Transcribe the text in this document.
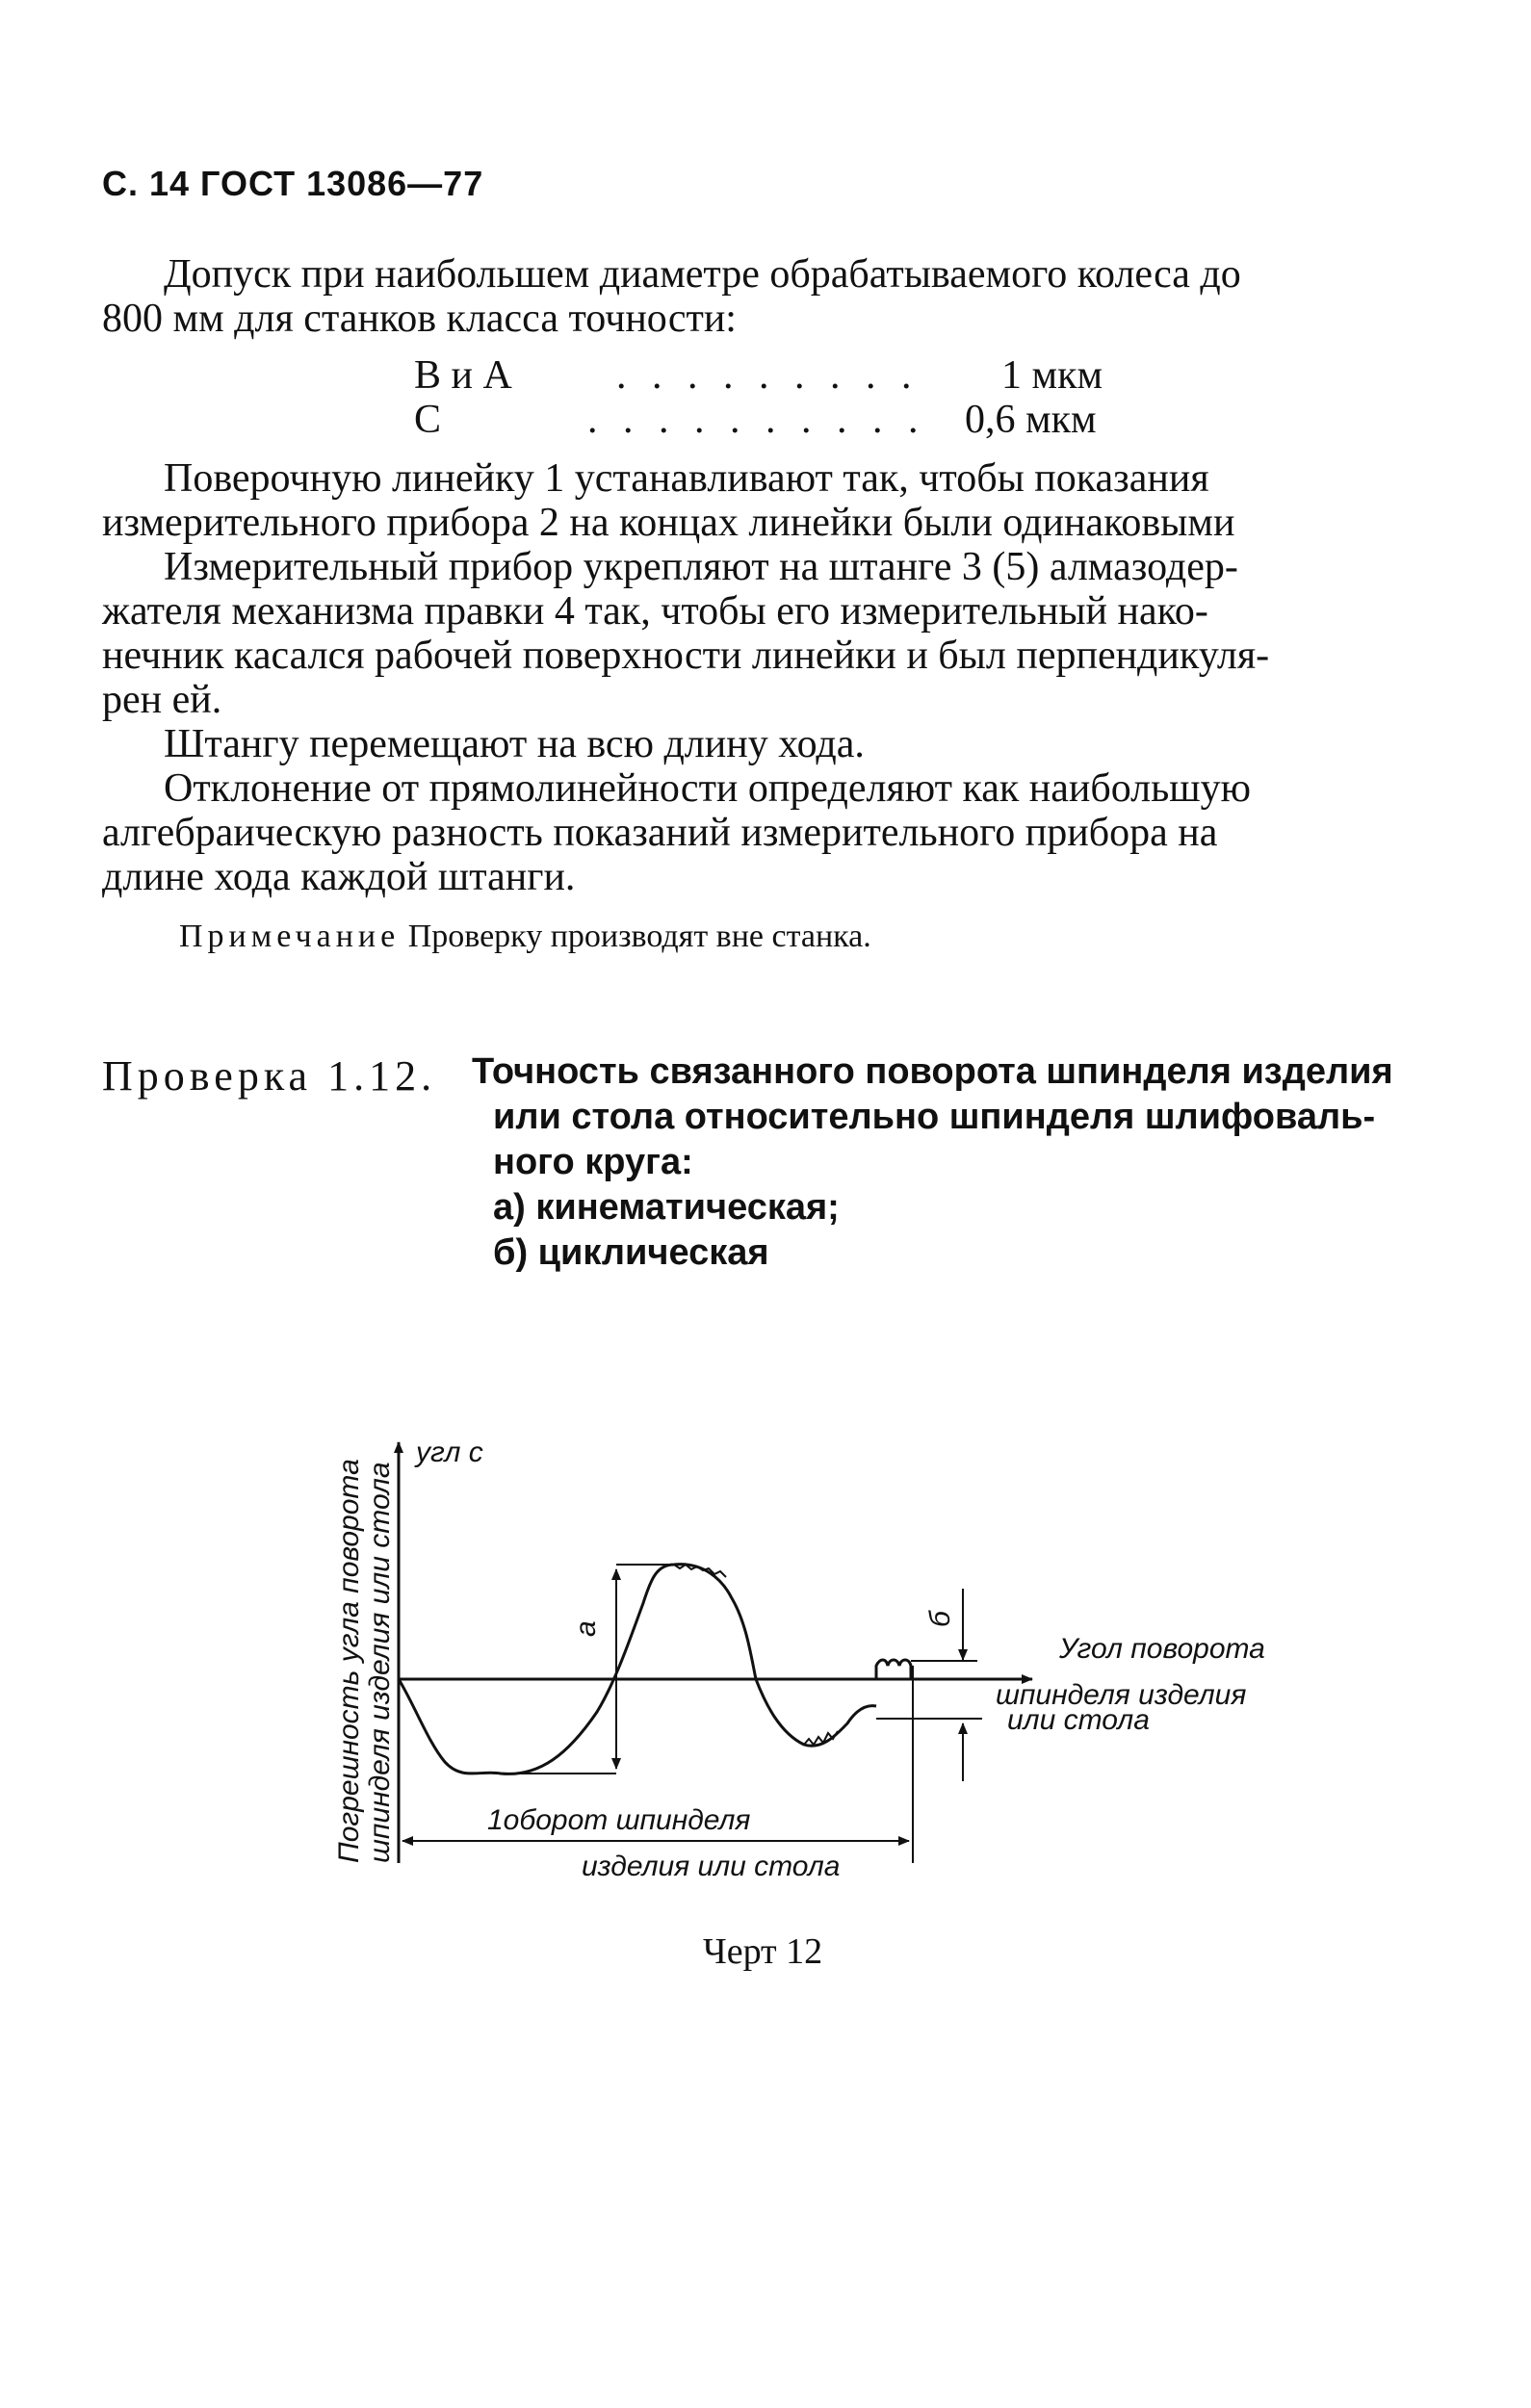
С. 14 ГОСТ 13086—77
Допуск при наибольшем диаметре обрабатываемого колеса до
800 мм для станков класса точности:
В и А	. . . . . . . . . 1 мкм
С	. . . . . . . . . . 0,6 мкм
Поверочную линейку 1 устанавливают так, чтобы показания
измерительного прибора 2 на концах линейки были одинаковыми
Измерительный прибор укрепляют на штанге 3 (5) алмазодер-
жателя механизма правки 4 так, чтобы его измерительный нако-
нечник касался рабочей поверхности линейки и был перпендикуля-
рен ей.
Штангу перемещают на всю длину хода.
Отклонение от прямолинейности определяют как наибольшую
алгебраическую разность показаний измерительного прибора на
длине хода каждой штанги.
Примечание Проверку производят вне станка.
Проверка 1.12. Точность связанного поворота шпинделя изделия
или стола относительно шпинделя шлифоваль-
ного круга:
а) кинематическая;
б) циклическая
Погрешность угла поворота шпинделя изделия или стола
угл с
а
б
Угол поворота
шпинделя изделия
или стола
1оборот шпинделя
изделия или стола
Черт 12
